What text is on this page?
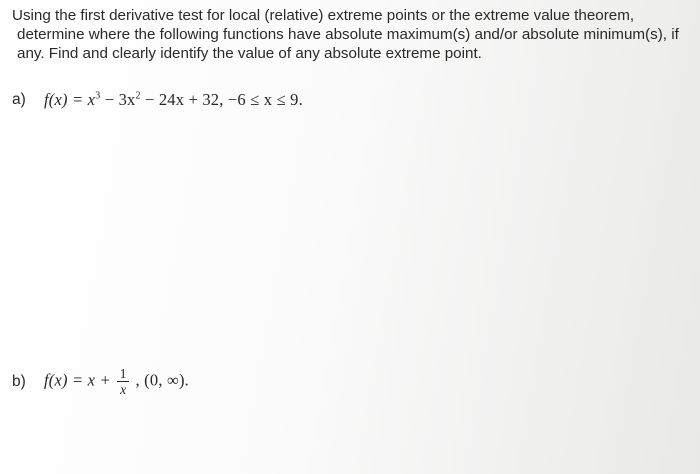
Using the first derivative test for local (relative) extreme points or the extreme value theorem,
determine where the following functions have absolute maximum(s) and/or absolute minimum(s), if
any. Find and clearly identify the value of any absolute extreme point.
a)	$f(x) = x^3 - 3x^2 - 24x + 32$, −6 ≤ x ≤ 9.
b)	$f(x) = x + \frac{1}{x}$ , (0, ∞).
